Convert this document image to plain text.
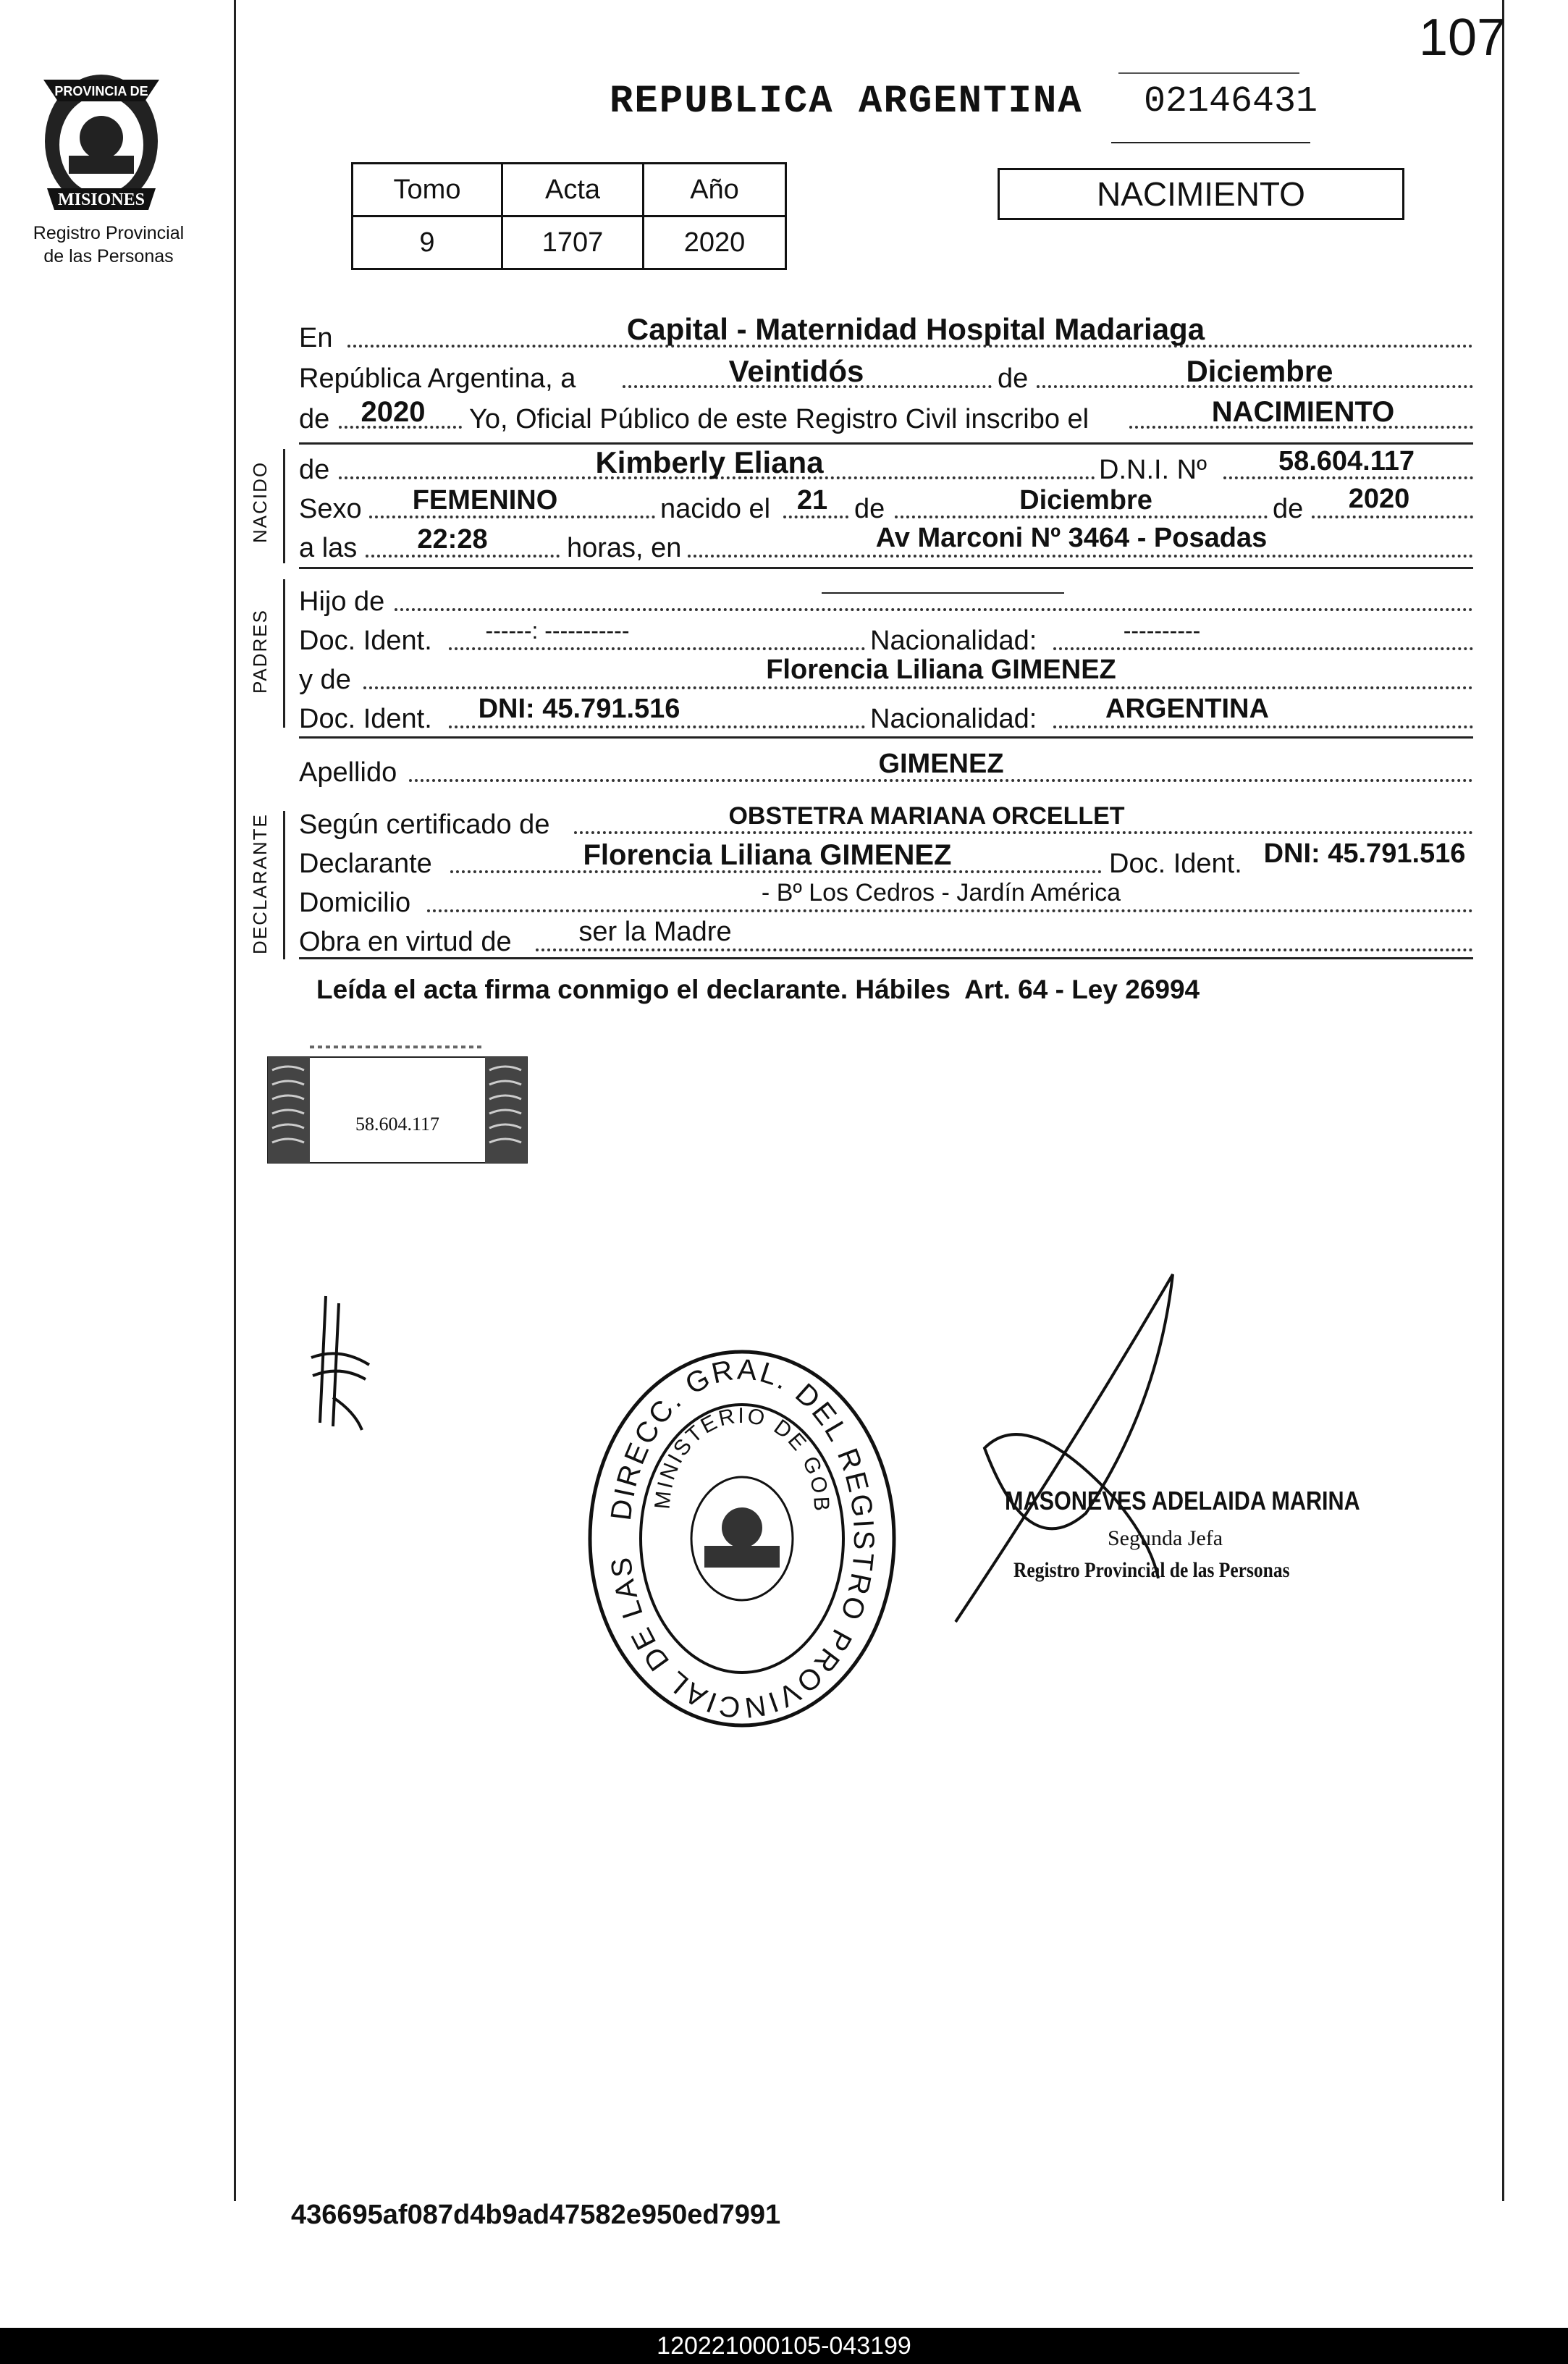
107
PROVINCIA DE
MISIONES
Registro Provincial
de las Personas
REPUBLICA ARGENTINA 02146431
Tomo	Acta	Año
9	1707	2020
NACIMIENTO
En	Capital - Maternidad Hospital Madariaga
República Argentina, a	Veintidós	de	Diciembre
de	2020	Yo, Oficial Público de este Registro Civil inscribo el	NACIMIENTO
NACIDO de	Kimberly Eliana	D.N.I. Nº	58.604.117
Sexo	FEMENINO	nacido el 21 de	Diciembre	de	2020
a las	22:28	horas, en	Av Marconi Nº 3464 - Posadas
PADRES
Hijo de
Doc. Ident.	------: -----------	Nacionalidad:	----------
y de	Florencia Liliana GIMENEZ
Doc. Ident.	DNI: 45.791.516	Nacionalidad:	ARGENTINA
Apellido	GIMENEZ
DECLARANTE Según certificado de	OBSTETRA MARIANA ORCELLET
Declarante	Florencia Liliana GIMENEZ	Doc. Ident. DNI: 45.791.516
Domicilio	- Bº Los Cedros - Jardín América
Obra en virtud de	ser la Madre
Leída el acta firma conmigo el declarante. Hábiles  Art. 64 - Ley 26994
58.604.117
DIRECC. GRAL. DEL REGISTRO PROVINCIAL DE LAS
MINISTERIO DE GOB	MASONEVES ADELAIDA MARINA
Segunda Jefa
Registro Provincial de las Personas
436695af087d4b9ad47582e950ed7991
120221000105-043199
